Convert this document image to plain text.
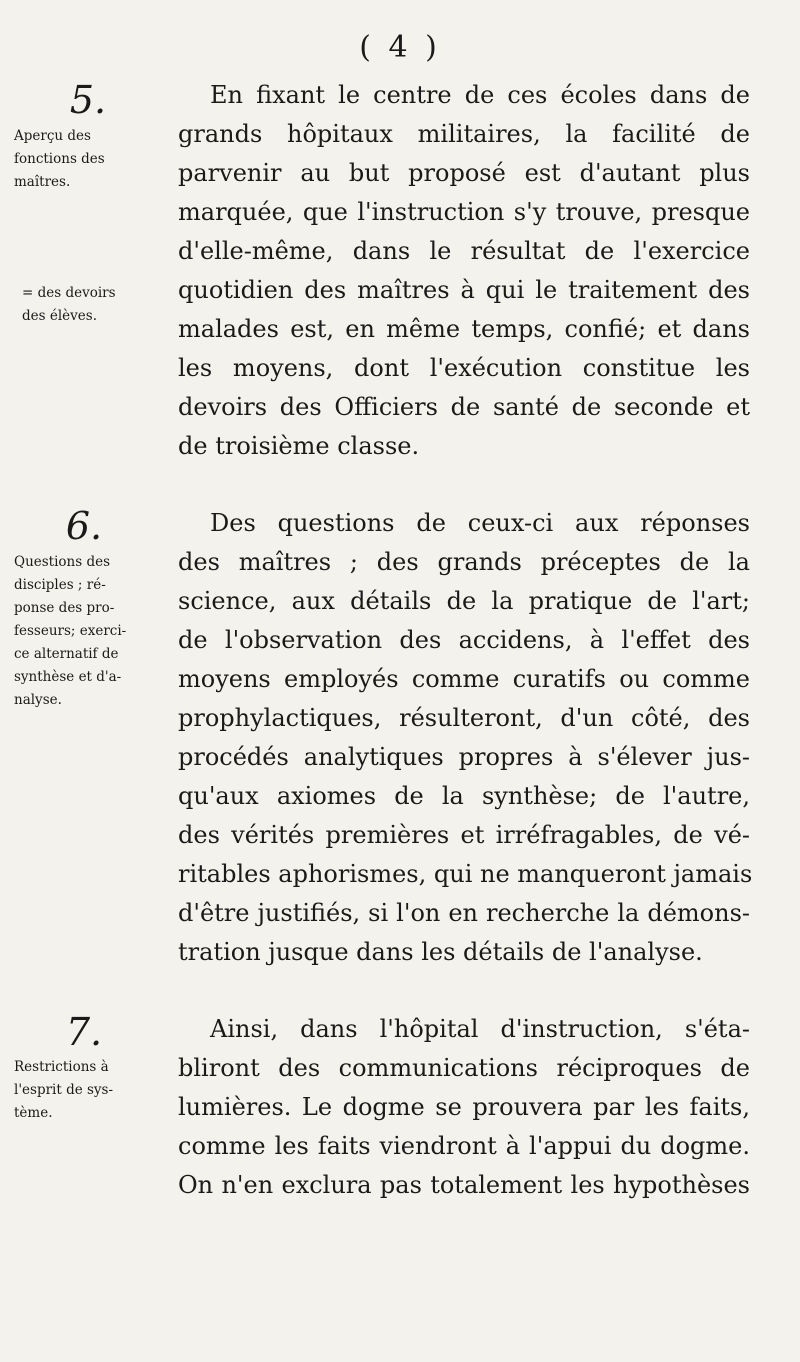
( 4 )
5.
Aperçu des
fonctions des
maîtres.
= des devoirs
des élèves.
En fixant le centre de ces écoles dans de
grands hôpitaux militaires, la facilité de
parvenir au but proposé est d'autant plus
marquée, que l'instruction s'y trouve, presque
d'elle-même, dans le résultat de l'exercice
quotidien des maîtres à qui le traitement des
malades est, en même temps, confié; et dans
les moyens, dont l'exécution constitue les
devoirs des Officiers de santé de seconde et
de troisième classe.
6.
Questions des
disciples ; ré-
ponse des pro-
fesseurs; exerci-
ce alternatif de
synthèse et d'a-
nalyse.
Des questions de ceux-ci aux réponses
des maîtres ; des grands préceptes de la
science, aux détails de la pratique de l'art;
de l'observation des accidens, à l'effet des
moyens employés comme curatifs ou comme
prophylactiques, résulteront, d'un côté, des
procédés analytiques propres à s'élever jus-
qu'aux axiomes de la synthèse; de l'autre,
des vérités premières et irréfragables, de vé-
ritables aphorismes, qui ne manqueront jamais
d'être justifiés, si l'on en recherche la démons-
tration jusque dans les détails de l'analyse.
7.
Restrictions à
l'esprit de sys-
tème.
Ainsi, dans l'hôpital d'instruction, s'éta-
bliront des communications réciproques de
lumières. Le dogme se prouvera par les faits,
comme les faits viendront à l'appui du dogme.
On n'en exclura pas totalement les hypothèses
